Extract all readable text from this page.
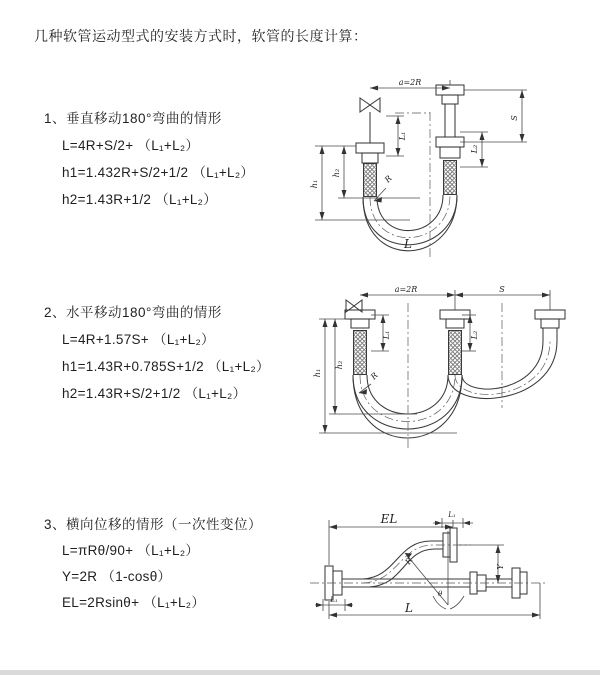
几种软管运动型式的安装方式时，软管的长度计算：
1、垂直移动180°弯曲的情形
L=4R+S/2+ （L₁+L₂）
h1=1.432R+S/2+1/2 （L₁+L₂）
h2=1.43R+1/2 （L₁+L₂）
a=2R
S
L₁
L₂
h₁
h₂
R
L
2、水平移动180°弯曲的情形
L=4R+1.57S+ （L₁+L₂）
h1=1.43R+0.785S+1/2 （L₁+L₂）
h2=1.43R+S/2+1/2 （L₁+L₂）
a=2R	S
L₁	L₂
h₁
h₂
R
3、横向位移的情形（一次性变位）
L=πRθ/90+ （L₁+L₂）
Y=2R （1-cosθ）
EL=2Rsinθ+ （L₁+L₂）
EL	L₁
Y
R
θ
L₁
L
